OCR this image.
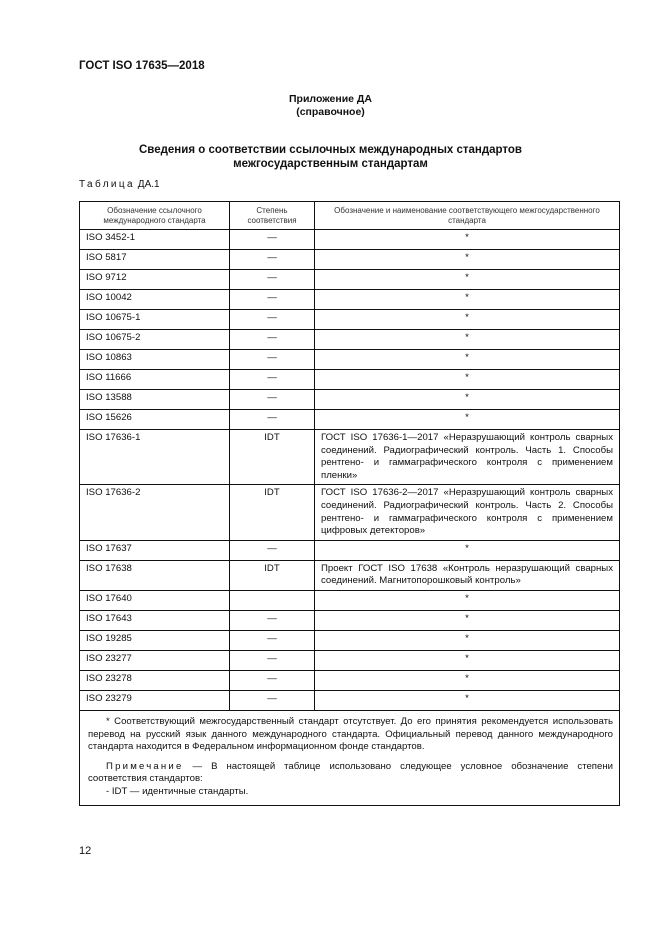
ГОСТ ISO 17635—2018
Приложение ДА
(справочное)
Сведения о соответствии ссылочных международных стандартов
межгосударственным стандартам
Таблица ДА.1
Обозначение ссылочного международного стандарта	Степень соответствия	Обозначение и наименование соответствующего межгосударственного стандарта
ISO 3452-1	—	*
ISO 5817	—	*
ISO 9712	—	*
ISO 10042	—	*
ISO 10675-1	—	*
ISO 10675-2	—	*
ISO 10863	—	*
ISO 11666	—	*
ISO 13588	—	*
ISO 15626	—	*
ISO 17636-1	IDT	ГОСТ ISO 17636-1—2017 «Неразрушающий контроль сварных соединений. Радиографический контроль. Часть 1. Способы рентгено- и гаммаграфического контроля с применением пленки»
ISO 17636-2	IDT	ГОСТ ISO 17636-2—2017 «Неразрушающий контроль сварных соединений. Радиографический контроль. Часть 2. Способы рентгено- и гаммаграфического контроля с применением цифровых детекторов»
ISO 17637	—	*
ISO 17638	IDT	Проект ГОСТ ISO 17638 «Контроль неразрушающий сварных соединений. Магнитопорошковый контроль»
ISO 17640		*
ISO 17643	—	*
ISO 19285	—	*
ISO 23277	—	*
ISO 23278	—	*
ISO 23279	—	*

* Соответствующий межгосударственный стандарт отсутствует. До его принятия рекомендуется использовать перевод на русский язык данного международного стандарта. Официальный перевод данного международного стандарта находится в Федеральном информационном фонде стандартов.

Примечание — В настоящей таблице использовано следующее условное обозначение степени соответствия стандартов:

- IDT — идентичные стандарты.		

12
